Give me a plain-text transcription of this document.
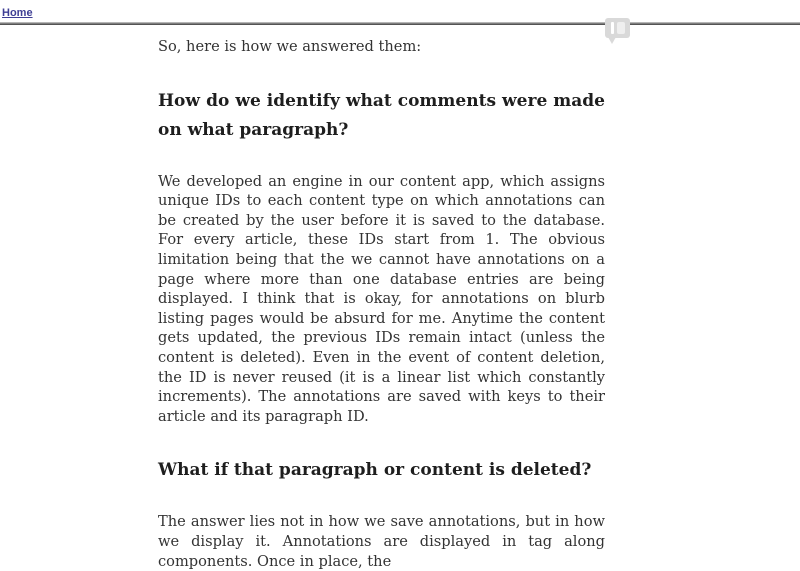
Home

So, here is how we answered them:

How do we identify what comments were made on what paragraph?

We developed an engine in our content app, which assigns unique IDs to each content type on which annotations can be created by the user before it is saved to the database. For every article, these IDs start from 1. The obvious limitation being that the we cannot have annotations on a page where more than one database entries are being displayed. I think that is okay, for annotations on blurb listing pages would be absurd for me. Anytime the content gets updated, the previous IDs remain intact (unless the content is deleted). Even in the event of content deletion, the ID is never reused (it is a linear list which constantly increments). The annotations are saved with keys to their article and its paragraph ID.

What if that paragraph or content is deleted?

The answer lies not in how we save annotations, but in how we display it. Annotations are displayed in tag along components. Once in place, the
